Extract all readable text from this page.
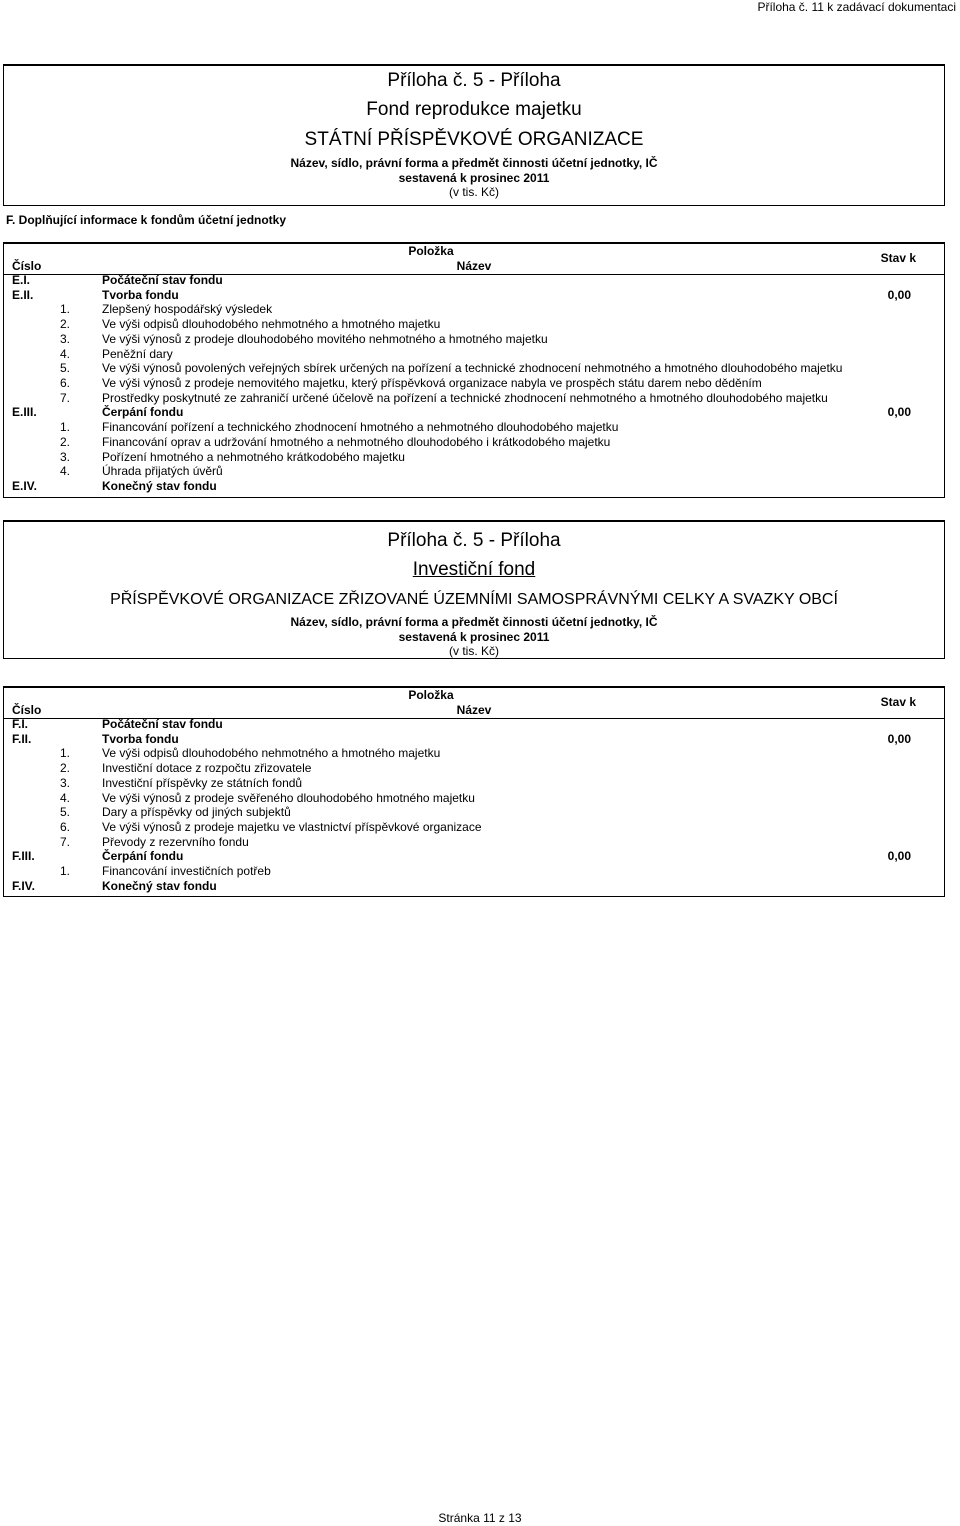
Příloha č. 11 k zadávací dokumentaci
Příloha č. 5 - Příloha
Fond reprodukce majetku
STÁTNÍ PŘÍSPĚVKOVÉ ORGANIZACE
Název, sídlo, právní forma a předmět činnosti účetní jednotky, IČ
sestavená k prosinec 2011
(v tis. Kč)
F. Doplňující informace k fondům účetní jednotky
Položka
Číslo	Název
Stav k
E.I.	Počáteční stav fondu
E.II.	Tvorba fondu	0,00
1.	Zlepšený hospodářský výsledek
2.	Ve výši odpisů dlouhodobého nehmotného a hmotného majetku
3.	Ve výši výnosů z prodeje dlouhodobého movitého nehmotného a hmotného majetku
4.	Peněžní dary
5.	Ve výši výnosů povolených veřejných sbírek určených na pořízení a technické zhodnocení nehmotného a hmotného dlouhodobého majetku
6.	Ve výši výnosů z prodeje nemovitého majetku, který příspěvková organizace nabyla ve prospěch státu darem nebo děděním
7.	Prostředky poskytnuté ze zahraničí určené účelově na pořízení a technické zhodnocení nehmotného a hmotného dlouhodobého majetku
E.III.	Čerpání fondu	0,00
1.	Financování pořízení a technického zhodnocení hmotného a nehmotného dlouhodobého majetku
2.	Financování oprav a udržování hmotného a nehmotného dlouhodobého i krátkodobého majetku
3.	Pořízení hmotného a nehmotného krátkodobého majetku
4.	Úhrada přijatých úvěrů
E.IV.	Konečný stav fondu
Příloha č. 5 - Příloha
Investiční fond
PŘÍSPĚVKOVÉ ORGANIZACE ZŘIZOVANÉ ÚZEMNÍMI SAMOSPRÁVNÝMI CELKY A SVAZKY OBCÍ
Název, sídlo, právní forma a předmět činnosti účetní jednotky, IČ
sestavená k prosinec 2011
(v tis. Kč)
Položka
Číslo	Název
Stav k
F.I.	Počáteční stav fondu
F.II.	Tvorba fondu	0,00
1.	Ve výši odpisů dlouhodobého nehmotného a hmotného majetku
2.	Investiční dotace z rozpočtu zřizovatele
3.	Investiční příspěvky ze státních fondů
4.	Ve výši výnosů z prodeje svěřeného dlouhodobého hmotného majetku
5.	Dary a příspěvky od jiných subjektů
6.	Ve výši výnosů z prodeje majetku ve vlastnictví příspěvkové organizace
7.	Převody z rezervního fondu
F.III.	Čerpání fondu	0,00
1.	Financování investičních potřeb
F.IV.	Konečný stav fondu
Stránka 11 z 13
